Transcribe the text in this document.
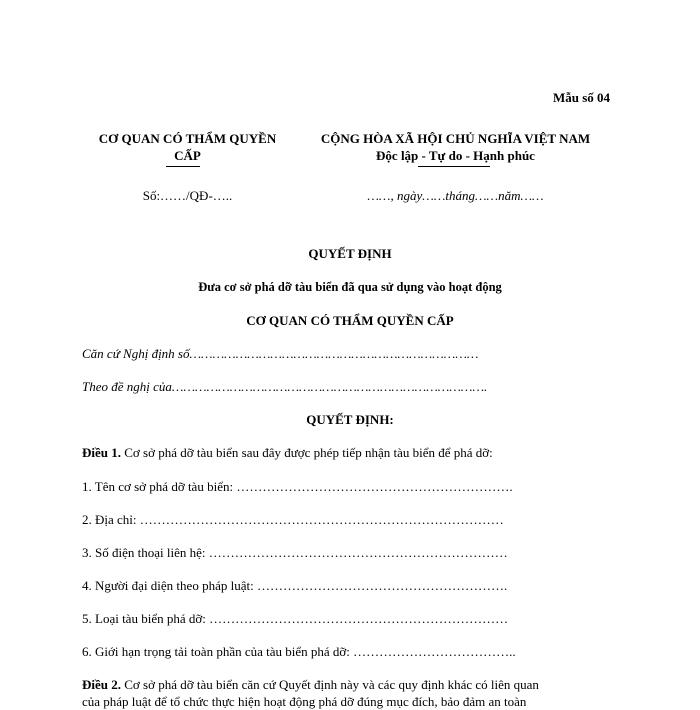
Mẫu số 04
CƠ QUAN CÓ THẨM QUYỀN
CẤP
Số:……/QĐ-…..
CỘNG HÒA XÃ HỘI CHỦ NGHĨA VIỆT NAM
Độc lập - Tự do - Hạnh phúc
……, ngày……tháng……năm……
QUYẾT ĐỊNH
Đưa cơ sở phá dỡ tàu biển đã qua sử dụng vào hoạt động
CƠ QUAN CÓ THẨM QUYỀN CẤP
Căn cứ Nghị định số…………………………………………………………………
Theo đề nghị của……………………………………………………………………….
QUYẾT ĐỊNH:
Điều 1. Cơ sở phá dỡ tàu biển sau đây được phép tiếp nhận tàu biển để phá dỡ:
1. Tên cơ sở phá dỡ tàu biển: ……………………………………………………….
2. Địa chỉ: …………………………………………………………………………
3. Số điện thoại liên hệ: ……………………………………………………………
4. Người đại diện theo pháp luật: ………………………………………………….
5. Loại tàu biển phá dỡ: ……………………………………………………………
6. Giới hạn trọng tải toàn phần của tàu biển phá dỡ: ………………………………..
Điều 2. Cơ sở phá dỡ tàu biển căn cứ Quyết định này và các quy định khác có liên quan
của pháp luật để tổ chức thực hiện hoạt động phá dỡ đúng mục đích, bảo đảm an toàn
